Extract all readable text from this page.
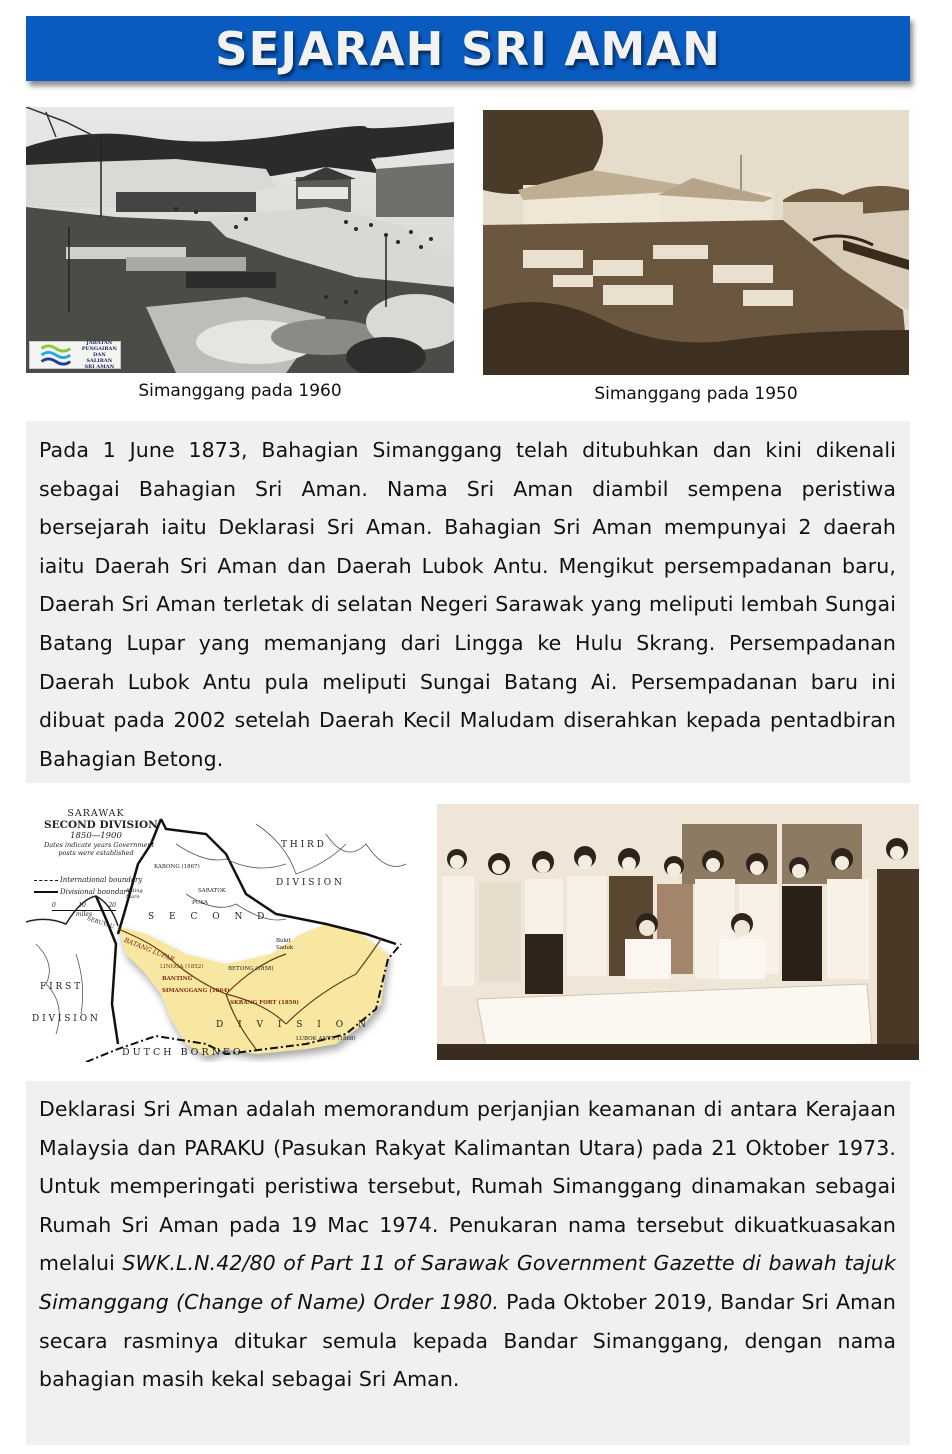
SEJARAH SRI AMAN
JABATAN PENGAIRAN
DAN
SALIRAN SRI AMAN
Simanggang pada 1960	Simanggang pada 1950

Pada 1 June 1873, Bahagian Simanggang telah ditubuhkan dan kini dikenali sebagai Bahagian Sri Aman. Nama Sri Aman diambil sempena peristiwa bersejarah iaitu Deklarasi Sri Aman. Bahagian Sri Aman mempunyai 2 daerah iaitu Daerah Sri Aman dan Daerah Lubok Antu. Mengikut persempadanan baru, Daerah Sri Aman terletak di selatan Negeri Sarawak yang meliputi lembah Sungai Batang Lupar yang memanjang dari Lingga ke Hulu Skrang. Persempadanan Daerah Lubok Antu pula meliputi Sungai Batang Ai. Persempadanan baru ini dibuat pada 2002 setelah Daerah Kecil Maludam diserahkan kepada pentadbiran Bahagian Betong.

SARAWAK
SECOND DIVISION
1850—1900
Dates indicate years Government
posts were established
International boundary
Divisional boundary
0	10	20
miles
T H I R D
D I V I S I O N
S E C O N D
D I V I S I O N
F I R S T
D I V I S I O N
D U T C H   B O R N E O
BATANG LUPAR
LINGGA (1852)
BANTING
SIMANGGANG (1864)
SKRANG FORT (1850)
BETONG (1858)
LUBOK ANTU (1868)
SARATOK
KABONG (1867)
PUSA
SEBUYAU
Bukit Sadok
Beting Maro

Deklarasi Sri Aman adalah memorandum perjanjian keamanan di antara Kerajaan Malaysia dan PARAKU (Pasukan Rakyat Kalimantan Utara) pada 21 Oktober 1973. Untuk memperingati peristiwa tersebut, Rumah Simanggang dinamakan sebagai Rumah Sri Aman pada 19 Mac 1974. Penukaran nama tersebut dikuatkuasakan melalui SWK.L.N.42/80 of Part 11 of Sarawak Government Gazette di bawah tajuk Simanggang (Change of Name) Order 1980. Pada Oktober 2019, Bandar Sri Aman secara rasminya ditukar semula kepada Bandar Simanggang, dengan nama bahagian masih kekal sebagai Sri Aman.
